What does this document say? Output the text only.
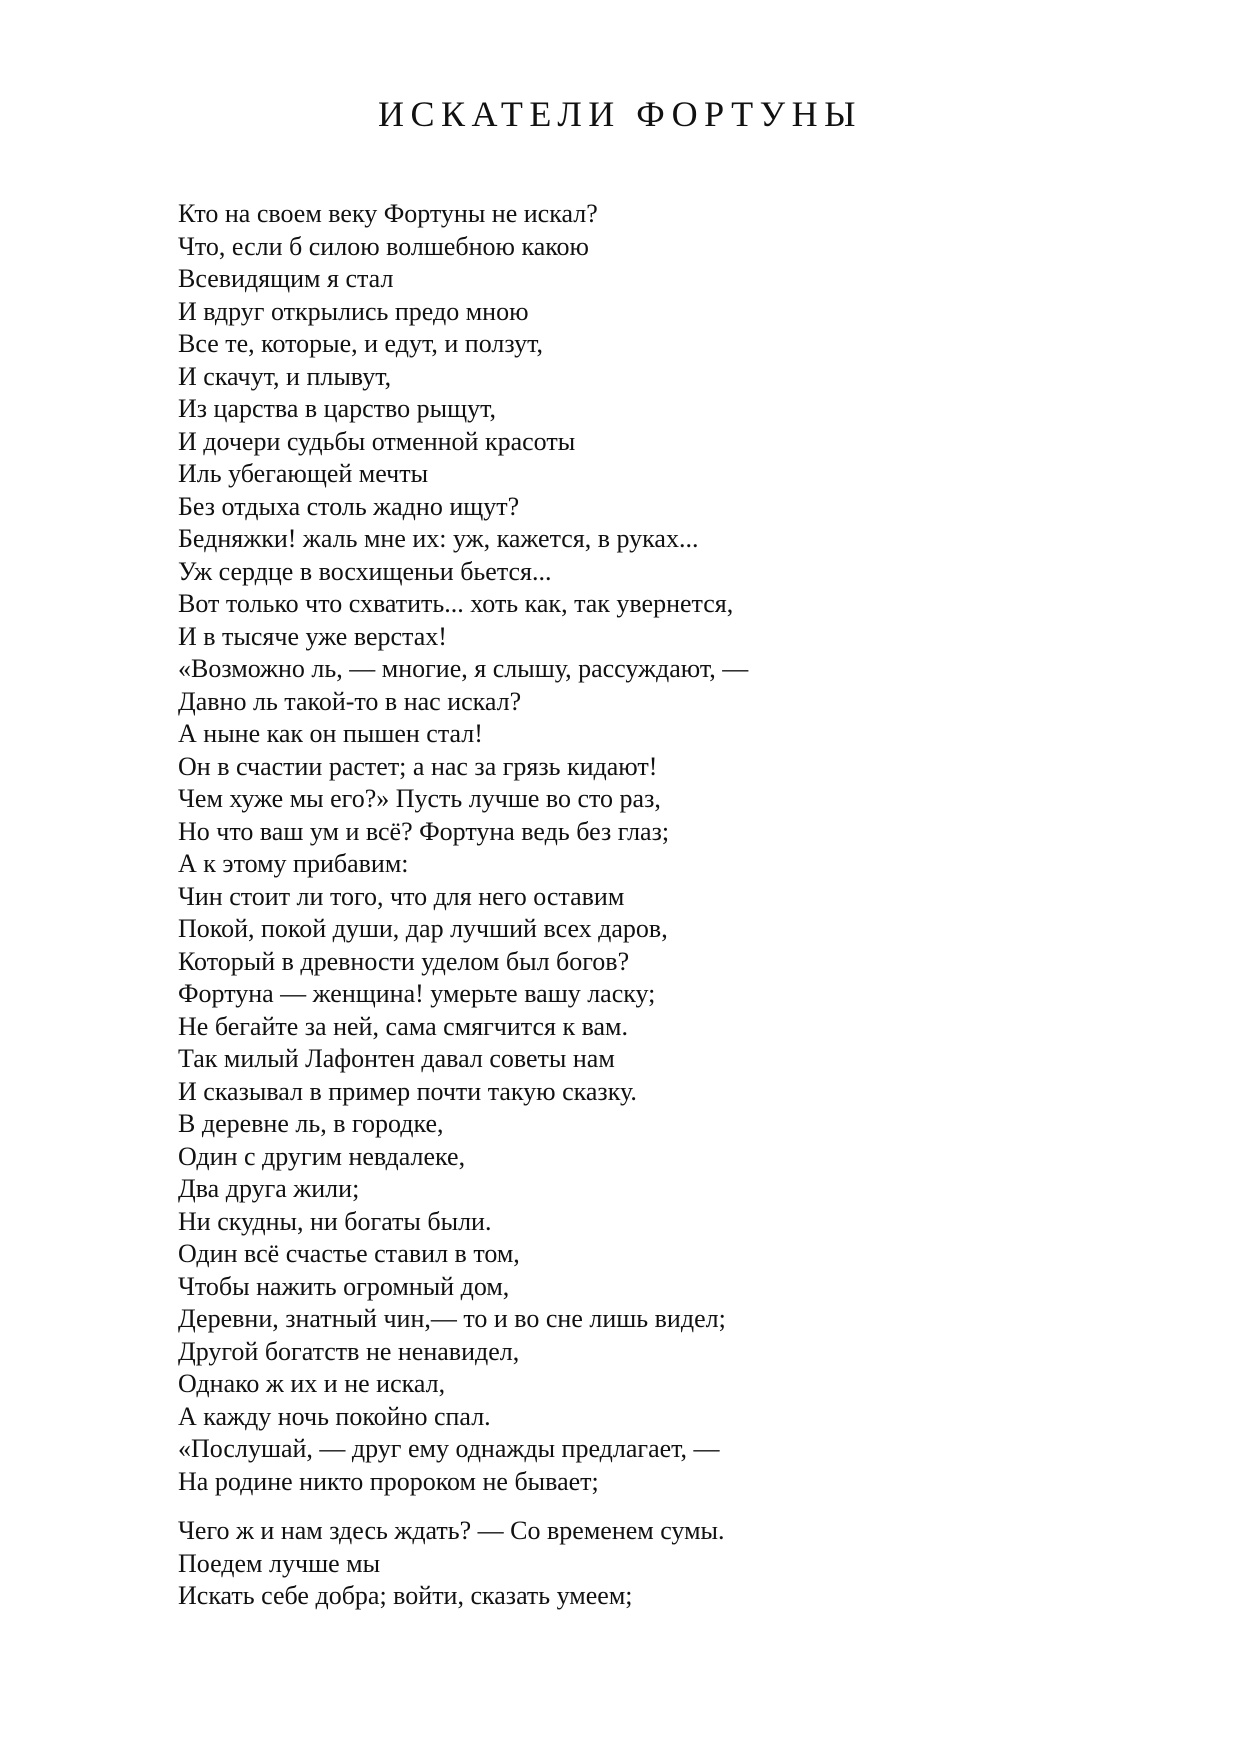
ИСКАТЕЛИ ФОРТУНЫ
Кто на своем веку Фортуны не искал?
Что, если б силою волшебною какою
Всевидящим я стал
И вдруг открылись предо мною
Все те, которые, и едут, и ползут,
И скачут, и плывут,
Из царства в царство рыщут,
И дочери судьбы отменной красоты
Иль убегающей мечты
Без отдыха столь жадно ищут?
Бедняжки! жаль мне их: уж, кажется, в руках...
Уж сердце в восхищеньи бьется...
Вот только что схватить... хоть как, так увернется,
И в тысяче уже верстах!
«Возможно ль, — многие, я слышу, рассуждают, —
Давно ль такой-то в нас искал?
А ныне как он пышен стал!
Он в счастии растет; а нас за грязь кидают!
Чем хуже мы его?» Пусть лучше во сто раз,
Но что ваш ум и всё? Фортуна ведь без глаз;
А к этому прибавим:
Чин стоит ли того, что для него оставим
Покой, покой души, дар лучший всех даров,
Который в древности уделом был богов?
Фортуна — женщина! умерьте вашу ласку;
Не бегайте за ней, сама смягчится к вам.
Так милый Лафонтен давал советы нам
И сказывал в пример почти такую сказку.
В деревне ль, в городке,
Один с другим невдалеке,
Два друга жили;
Ни скудны, ни богаты были.
Один всё счастье ставил в том,
Чтобы нажить огромный дом,
Деревни, знатный чин,— то и во сне лишь видел;
Другой богатств не ненавидел,
Однако ж их и не искал,
А кажду ночь покойно спал.
«Послушай, — друг ему однажды предлагает, —
На родине никто пророком не бывает;
Чего ж и нам здесь ждать? — Со временем сумы.
Поедем лучше мы
Искать себе добра; войти, сказать умеем;
